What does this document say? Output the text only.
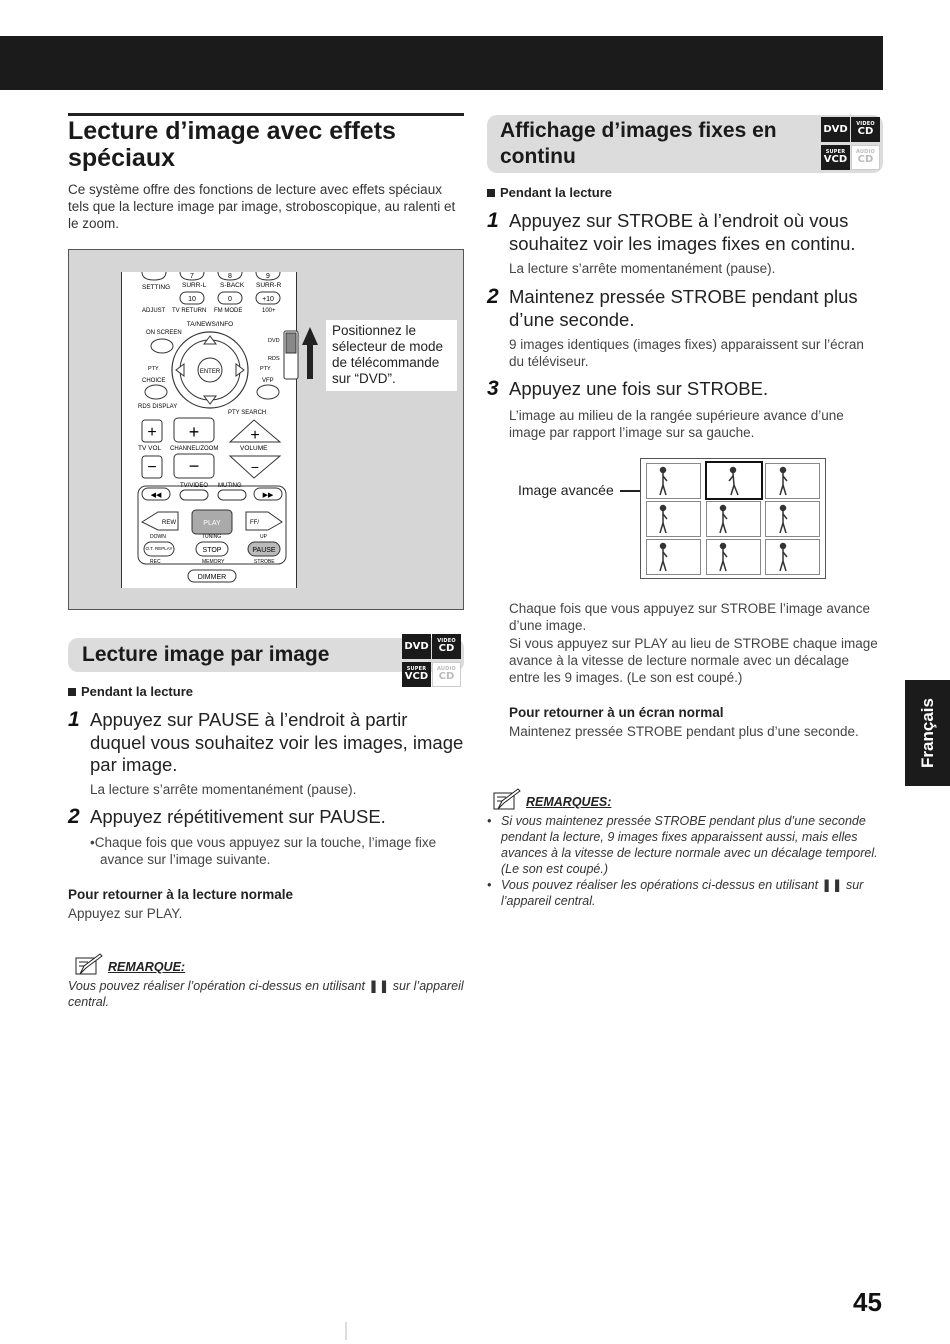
Lecture d’image avec effets spéciaux
Ce système offre des fonctions de lecture avec effets spéciaux tels que la lecture image par image, stroboscopique, au ralenti et le zoom.
7	8	9
SETTING SURR-L S-BACK SURR-R
10	0	+10
ADJUST TV RETURN FM MODE	100+
TA/NEWS/INFO
ON SCREEN
DVD
RDS
ENTER
PTY	PTY
CHOICE	VFP
RDS DISPLAY
PTY SEARCH
+ +	+
TV VOL CHANNEL/ZOOM	VOLUME
− −	−
TV/VIDEO MUTING
◀◀	▶▶
REW	PLAY	FF/
DOWN	TUNING	UP
O.T. REPLAY	STOP	PAUSE
REC	MEMORY	STROBE
DIMMER
Positionnez le sélecteur de mode de télécommande sur “DVD”.
Lecture image par image	DVD VIDEO
CD
SUPER
VCD
AUDIO
CD
Pendant la lecture
1 Appuyez sur PAUSE à l’endroit à partir duquel vous souhaitez voir les images, image par image.
La lecture s’arrête momentanément (pause).
2 Appuyez répétitivement sur PAUSE.
•Chaque fois que vous appuyez sur la touche, l’image fixe avance sur l’image suivante.
Pour retourner à la lecture normale
Appuyez sur PLAY.
REMARQUE:
Vous pouvez réaliser l’opération ci-dessus en utilisant ❚❚ sur l’appareil central.
Affichage d’images fixes en continu
DVD VIDEO
CD
SUPER
VCD
AUDIO
CD
Pendant la lecture
1 Appuyez sur STROBE à l’endroit où vous souhaitez voir les images fixes en continu.
La lecture s’arrête momentanément (pause).
2 Maintenez pressée STROBE pendant plus d’une seconde.
9 images identiques (images fixes) apparaissent sur l’écran du téléviseur.
3 Appuyez une fois sur STROBE.
L’image au milieu de la rangée supérieure avance d’une image par rapport l’image sur sa gauche.
Image avancée
Chaque fois que vous appuyez sur STROBE l’image avance d’une image.
Si vous appuyez sur PLAY au lieu de STROBE chaque image avance à la vitesse de lecture normale avec un décalage entre les 9 images. (Le son est coupé.)
Pour retourner à un écran normal
Maintenez pressée STROBE pendant plus d’une seconde.
REMARQUES:
• Si vous maintenez pressée STROBE pendant plus d’une seconde pendant la lecture, 9 images fixes apparaissent aussi, mais elles avances à la vitesse de lecture normale avec un décalage temporel. (Le son est coupé.)
• Vous pouvez réaliser les opérations ci-dessus en utilisant ❚❚ sur l’appareil central.
Français
45
